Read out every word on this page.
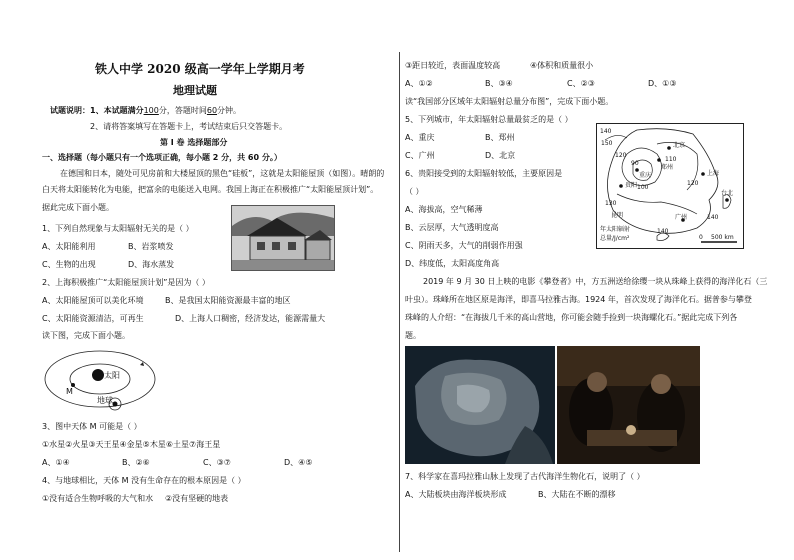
铁人中学 2020 级高一学年上学期月考
地理试题
试题说明：1、本试题满分100分，答题时间60分钟。
2、请将答案填写在答题卡上，考试结束后只交答题卡。
第 Ⅰ 卷 选择题部分
一、选择题（每小题只有一个选项正确，每小题 2 分，共 60 分。）
在德国和日本，随处可见房前和大楼屋顶的黑色“硅板”，这就是太阳能屋顶（如图）。晴朗的
白天将太阳能转化为电能，把富余的电能送入电网。我国上海正在积极推广“太阳能屋顶计划”。
据此完成下面小题。
1、下列自然现象与太阳辐射无关的是（ ）
A、太阳能利用	B、岩浆喷发
C、生物的出现	D、海水蒸发
2、上海积极推广“太阳能屋顶计划”是因为（ ）
A、太阳能屋顶可以美化环境	B、是我国太阳能资源最丰富的地区
C、太阳能资源清洁，可再生	D、上海人口稠密，经济发达，能源需量大
读下图，完成下面小题。
太阳
M
地球
3、图中天体 M 可能是（ ）
①水星②火星③天王星④金星⑤木星⑥土星⑦海王星
A、①④	B、②⑥	C、③⑦	D、④⑤
4、与地球相比，天体 M 没有生命存在的根本原因是（ ）
①没有适合生物呼吸的大气和水 ②没有坚硬的地表
③距日较近，表面温度较高	④体积和质量很小
A、①②	B、③④	C、②③	D、①③
读“我国部分区域年太阳辐射总量分布图”，完成下面小题。
5、下列城市，年太阳辐射总量最贫乏的是（ ）
A、重庆	B、郑州
C、广州	D、北京
6、贵阳接受到的太阳辐射较低，主要原因是
（ ）
A、海拔高，空气稀薄
B、云层厚，大气透明度高
C、阴雨天多，大气的削弱作用强
D、纬度低，太阳高度角高
140
150
120
110
100
90
130
120
140
140
北京
郑州
上海
重庆
贵阳
昆明	广州
台北
年太阳辐射
总量/J/cm²	0 500 km
2019 年 9 月 30 日上映的电影《攀登者》中，方五洲送给徐缨一块从珠峰上获得的海洋化石（三
叶虫）。珠峰所在地区原是海洋，即喜马拉雅古海。1924 年，首次发现了海洋化石。据普参与攀登
珠峰的人介绍：“在海拔几千米的高山营地，你可能会随手捡到一块海螺化石。”据此完成下列各
题。
7、科学家在喜玛拉雅山脉上发现了古代海洋生物化石，说明了（ ）
A、大陆板块由海洋板块形成	B、大陆在不断的漂移
